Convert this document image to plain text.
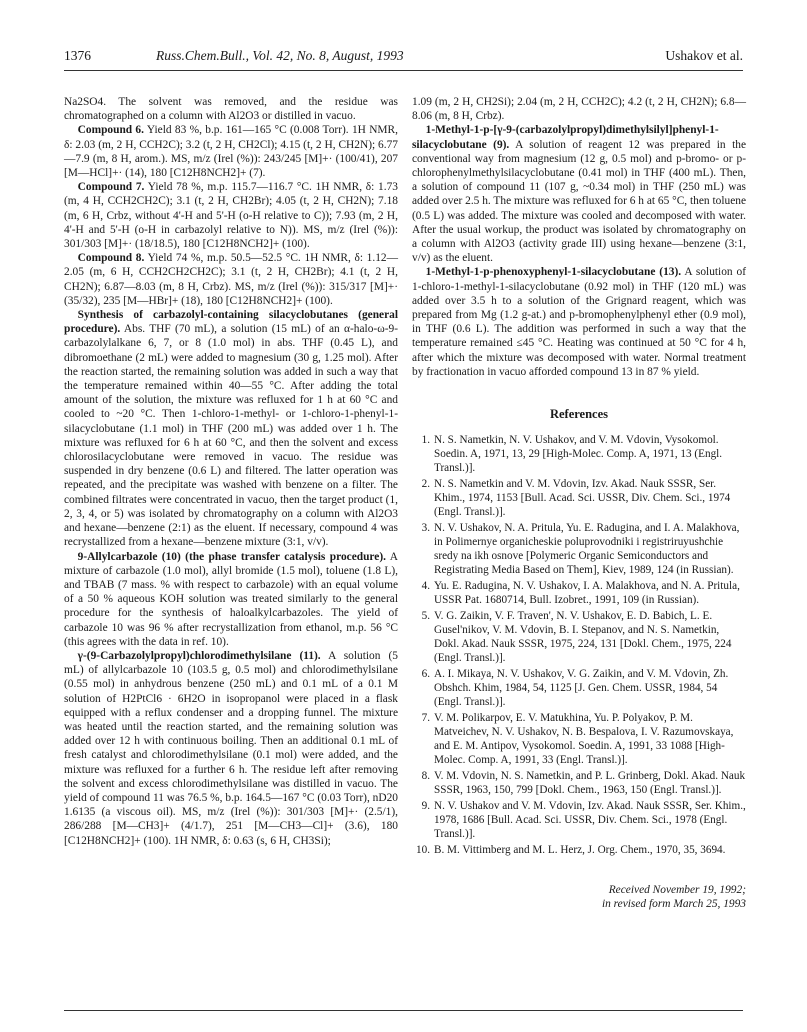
1376	Russ.Chem.Bull., Vol. 42, No. 8, August, 1993	Ushakov et al.

Na2SO4. The solvent was removed, and the residue was chromatographed on a column with Al2O3 or distilled in vacuo.

Compound 6. Yield 83 %, b.p. 161—165 °C (0.008 Torr). 1H NMR, δ: 2.03 (m, 2 H, CCH2C); 3.2 (t, 2 H, CH2Cl); 4.15 (t, 2 H, CH2N); 6.77—7.9 (m, 8 H, arom.). MS, m/z (Irel (%)): 243/245 [M]+· (100/41), 207 [M—HCl]+· (14), 180 [C12H8NCH2]+ (7).

Compound 7. Yield 78 %, m.p. 115.7—116.7 °C. 1H NMR, δ: 1.73 (m, 4 H, CCH2CH2C); 3.1 (t, 2 H, CH2Br); 4.05 (t, 2 H, CH2N); 7.18 (m, 6 H, Crbz, without 4'-H and 5'-H (o-H relative to C)); 7.93 (m, 2 H, 4'-H and 5'-H (o-H in carbazolyl relative to N)). MS, m/z (Irel (%)): 301/303 [M]+· (18/18.5), 180 [C12H8NCH2]+ (100).

Compound 8. Yield 74 %, m.p. 50.5—52.5 °C. 1H NMR, δ: 1.12—2.05 (m, 6 H, CCH2CH2CH2C); 3.1 (t, 2 H, CH2Br); 4.1 (t, 2 H, CH2N); 6.87—8.03 (m, 8 H, Crbz). MS, m/z (Irel (%)): 315/317 [M]+· (35/32), 235 [M—HBr]+ (18), 180 [C12H8NCH2]+ (100).

Synthesis of carbazolyl-containing silacyclobutanes (general procedure). Abs. THF (70 mL), a solution (15 mL) of an α-halo-ω-9-carbazolylalkane 6, 7, or 8 (1.0 mol) in abs. THF (0.45 L), and dibromoethane (2 mL) were added to magnesium (30 g, 1.25 mol). After the reaction started, the remaining solution was added in such a way that the temperature remained within 40—55 °C. After adding the total amount of the solution, the mixture was refluxed for 1 h at 60 °C and cooled to ~20 °C. Then 1-chloro-1-methyl- or 1-chloro-1-phenyl-1-silacyclobutane (1.1 mol) in THF (200 mL) was added over 1 h. The mixture was refluxed for 6 h at 60 °C, and then the solvent and excess chlorosilacyclobutane were removed in vacuo. The residue was suspended in dry benzene (0.6 L) and filtered. The latter operation was repeated, and the precipitate was washed with benzene on a filter. The combined filtrates were concentrated in vacuo, then the target product (1, 2, 3, 4, or 5) was isolated by chromatography on a column with Al2O3 and hexane—benzene (2:1) as the eluent. If necessary, compound 4 was recrystallized from a hexane—benzene mixture (3:1, v/v).

9-Allylcarbazole (10) (the phase transfer catalysis procedure). A mixture of carbazole (1.0 mol), allyl bromide (1.5 mol), toluene (1.8 L), and TBAB (7 mass. % with respect to carbazole) with an equal volume of a 50 % aqueous KOH solution was treated similarly to the general procedure for the synthesis of haloalkylcarbazoles. The yield of carbazole 10 was 96 % after recrystallization from ethanol, m.p. 56 °C (this agrees with the data in ref. 10).

γ-(9-Carbazolylpropyl)chlorodimethylsilane (11). A solution (5 mL) of allylcarbazole 10 (103.5 g, 0.5 mol) and chlorodimethylsilane (0.55 mol) in anhydrous benzene (250 mL) and 0.1 mL of a 0.1 M solution of H2PtCl6 · 6H2O in isopropanol were placed in a flask equipped with a reflux condenser and a dropping funnel. The mixture was heated until the reaction started, and the remaining solution was added over 12 h with continuous boiling. Then an additional 0.1 mL of fresh catalyst and chlorodimethylsilane (0.1 mol) were added, and the mixture was refluxed for a further 6 h. The residue left after removing the solvent and excess chlorodimethylsilane was distilled in vacuo. The yield of compound 11 was 76.5 %, b.p. 164.5—167 °C (0.03 Torr), nD20 1.6135 (a viscous oil). MS, m/z (Irel (%)): 301/303 [M]+· (2.5/1), 286/288 [M—CH3]+ (4/1.7), 251 [M—CH3—Cl]+ (3.6), 180 [C12H8NCH2]+ (100). 1H NMR, δ: 0.63 (s, 6 H, CH3Si);

1.09 (m, 2 H, CH2Si); 2.04 (m, 2 H, CCH2C); 4.2 (t, 2 H, CH2N); 6.8—8.06 (m, 8 H, Crbz).

1-Methyl-1-p-[γ-9-(carbazolylpropyl)dimethylsilyl]phenyl-1-silacyclobutane (9). A solution of reagent 12 was prepared in the conventional way from magnesium (12 g, 0.5 mol) and p-bromo- or p-chlorophenylmethylsilacyclobutane (0.41 mol) in THF (400 mL). Then, a solution of compound 11 (107 g, ~0.34 mol) in THF (250 mL) was added over 2.5 h. The mixture was refluxed for 6 h at 65 °C, then toluene (0.5 L) was added. The mixture was cooled and decomposed with water. After the usual workup, the product was isolated by chromatography on a column with Al2O3 (activity grade III) using hexane—benzene (3:1, v/v) as the eluent.

1-Methyl-1-p-phenoxyphenyl-1-silacyclobutane (13). A solution of 1-chloro-1-methyl-1-silacyclobutane (0.92 mol) in THF (120 mL) was added over 3.5 h to a solution of the Grignard reagent, which was prepared from Mg (1.2 g-at.) and p-bromophenylphenyl ether (0.9 mol), in THF (0.6 L). The addition was performed in such a way that the temperature remained ≤45 °C. Heating was continued at 50 °C for 4 h, after which the mixture was decomposed with water. Normal treatment by fractionation in vacuo afforded compound 13 in 87 % yield.

References
1. N. S. Nametkin, N. V. Ushakov, and V. M. Vdovin, Vysokomol. Soedin. A, 1971, 13, 29 [High-Molec. Comp. A, 1971, 13 (Engl. Transl.)].
2. N. S. Nametkin and V. M. Vdovin, Izv. Akad. Nauk SSSR, Ser. Khim., 1974, 1153 [Bull. Acad. Sci. USSR, Div. Chem. Sci., 1974 (Engl. Transl.)].
3. N. V. Ushakov, N. A. Pritula, Yu. E. Radugina, and I. A. Malakhova, in Polimernye organicheskie poluprovodniki i registriruyushchie sredy na ikh osnove [Polymeric Organic Semiconductors and Registrating Media Based on Them], Kiev, 1989, 124 (in Russian).
4. Yu. E. Radugina, N. V. Ushakov, I. A. Malakhova, and N. A. Pritula, USSR Pat. 1680714, Bull. Izobret., 1991, 109 (in Russian).
5. V. G. Zaikin, V. F. Traven', N. V. Ushakov, E. D. Babich, L. E. Gusel'nikov, V. M. Vdovin, B. I. Stepanov, and N. S. Nametkin, Dokl. Akad. Nauk SSSR, 1975, 224, 131 [Dokl. Chem., 1975, 224 (Engl. Transl.)].
6. A. I. Mikaya, N. V. Ushakov, V. G. Zaikin, and V. M. Vdovin, Zh. Obshch. Khim, 1984, 54, 1125 [J. Gen. Chem. USSR, 1984, 54 (Engl. Transl.)].
7. V. M. Polikarpov, E. V. Matukhina, Yu. P. Polyakov, P. M. Matveichev, N. V. Ushakov, N. B. Bespalova, I. V. Razumovskaya, and E. M. Antipov, Vysokomol. Soedin. A, 1991, 33 1088 [High-Molec. Comp. A, 1991, 33 (Engl. Transl.)].
8. V. M. Vdovin, N. S. Nametkin, and P. L. Grinberg, Dokl. Akad. Nauk SSSR, 1963, 150, 799 [Dokl. Chem., 1963, 150 (Engl. Transl.)].
9. N. V. Ushakov and V. M. Vdovin, Izv. Akad. Nauk SSSR, Ser. Khim., 1978, 1686 [Bull. Acad. Sci. USSR, Div. Chem. Sci., 1978 (Engl. Transl.)].
10. B. M. Vittimberg and M. L. Herz, J. Org. Chem., 1970, 35, 3694.
Received November 19, 1992;
in revised form March 25, 1993
